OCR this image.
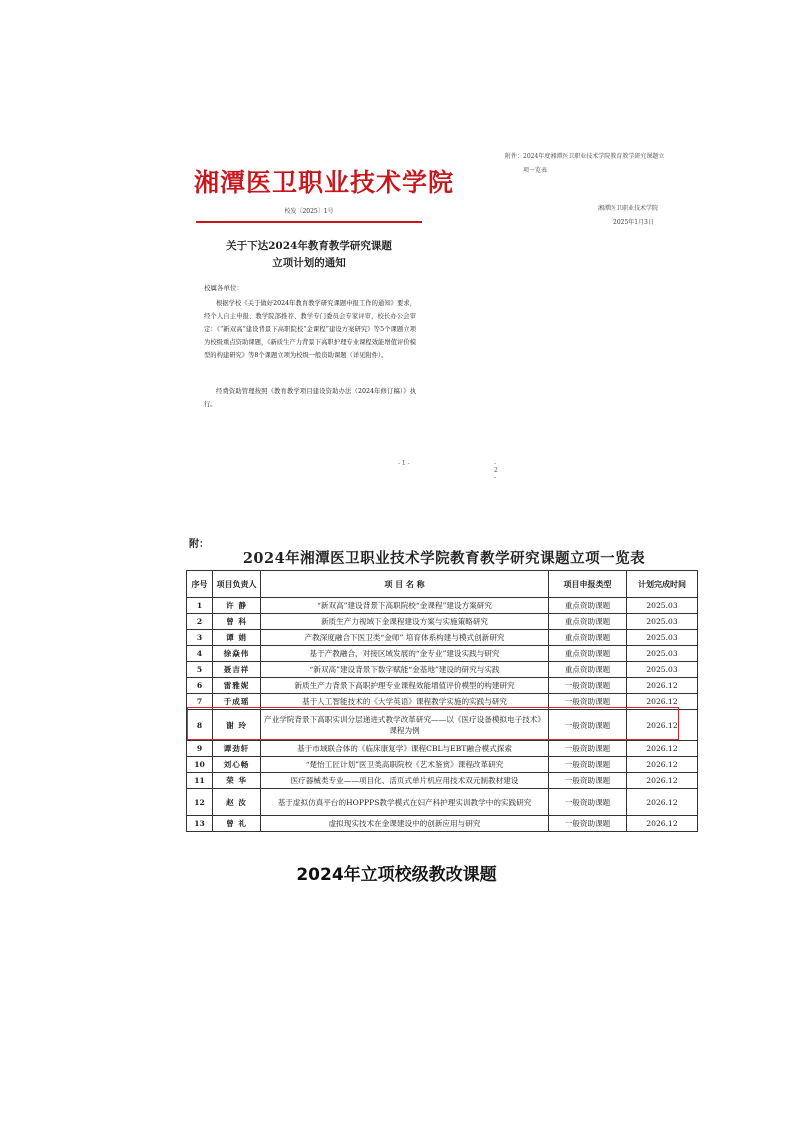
湘潭医卫职业技术学院
校发〔2025〕1号
关于下达2024年教育教学研究课题
立项计划的通知
校属各单位：
根据学校《关于做好2024年教育教学研究课题申报工作的通知》要求，经个人自主申报、教学院部推荐、教学专门委员会专家评审，校长办公会审定：《“新双高”建设背景下高职院校“金课程”建设方案研究》等5个课题立项为校级重点资助课题，《新质生产力背景下高职护理专业课程效能增值评价模型的构建研究》等8个课题立项为校级一般资助课题（详见附件）。
经费资助管理按照《教育教学项目建设资助办法（2024年修订稿）》执行。
- 1 -	- 2 -
附件：2024年度湘潭医卫职业技术学院教育教学研究课题立
项一览表
湘潭医卫职业技术学院
2025年1月3日
附：
2024年湘潭医卫职业技术学院教育教学研究课题立项一览表
序号	项目负责人	项 目 名 称	项目申报类型	计划完成时间
1	许 静	“新双高”建设背景下高职院校“金课程”建设方案研究	重点资助课题	2025.03
2	曾 科	新质生产力视域下金课程建设方案与实施策略研究	重点资助课题	2025.03
3	谭 娟	产教深度融合下医卫类“金师” 培育体系构建与模式创新研究	重点资助课题	2025.03
4	徐焱伟	基于产教融合，对接区域发展的“金专业”建设实践与研究	重点资助课题	2025.03
5	聂吉祥	“新双高”建设背景下数字赋能“金基地”建设的研究与实践	重点资助课题	2025.03
6	雷雅妮	新质生产力背景下高职护理专业课程效能增值评价模型的构建研究	一般资助课题	2026.12
7	于成瑶	基于人工智能技术的《大学英语》课程教学实施的实践与研究	一般资助课题	2026.12
8	谢 玲	产业学院背景下高职实训分层递进式教学改革研究——以《医疗设备模拟电子技术》课程为例	一般资助课题	2026.12
9	谭劲轩	基于市域联合体的《临床康复学》课程CBL与EBT融合模式探索	一般资助课题	2026.12
10	刘心畅	“楚怡工匠计划”医卫类高职院校《艺术鉴赏》课程改革研究	一般资助课题	2026.12
11	荣 华	医疗器械类专业——项目化、活页式单片机应用技术双元制教材建设	一般资助课题	2026.12
12	赵 汝	基于虚拟仿真平台的HOPPPS教学模式在妇产科护理实训教学中的实践研究	一般资助课题	2026.12
13	曾 礼	虚拟现实技术在金课建设中的创新应用与研究	一般资助课题	2026.12
2024年立项校级教改课题
